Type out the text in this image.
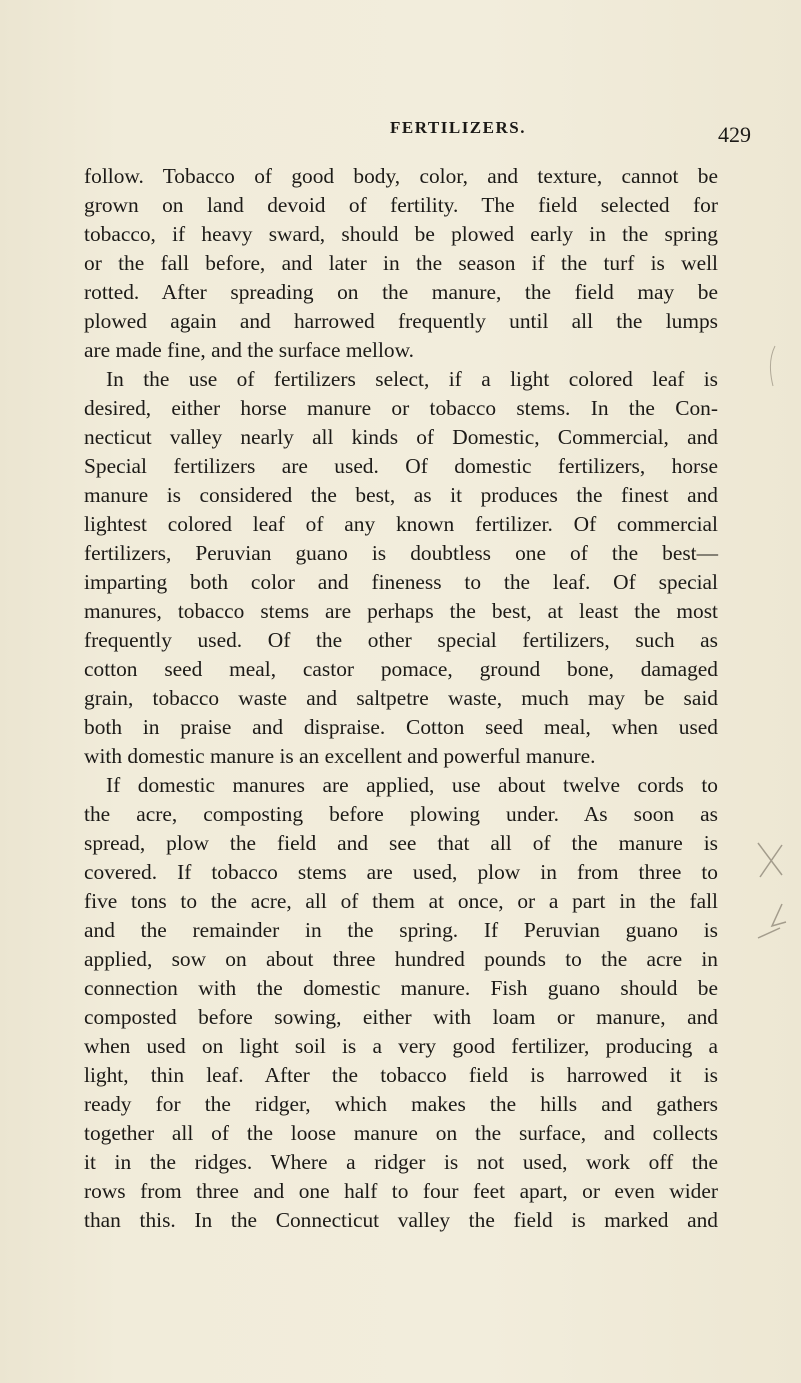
FERTILIZERS.	429
follow. Tobacco of good body, color, and texture, cannot be
grown on land devoid of fertility. The field selected for
tobacco, if heavy sward, should be plowed early in the spring
or the fall before, and later in the season if the turf is well
rotted. After spreading on the manure, the field may be
plowed again and harrowed frequently until all the lumps
are made fine, and the surface mellow.
In the use of fertilizers select, if a light colored leaf is
desired, either horse manure or tobacco stems. In the Con-
necticut valley nearly all kinds of Domestic, Commercial, and
Special fertilizers are used. Of domestic fertilizers, horse
manure is considered the best, as it produces the finest and
lightest colored leaf of any known fertilizer. Of commercial
fertilizers, Peruvian guano is doubtless one of the best—
imparting both color and fineness to the leaf. Of special
manures, tobacco stems are perhaps the best, at least the most
frequently used. Of the other special fertilizers, such as
cotton seed meal, castor pomace, ground bone, damaged
grain, tobacco waste and saltpetre waste, much may be said
both in praise and dispraise. Cotton seed meal, when used
with domestic manure is an excellent and powerful manure.
If domestic manures are applied, use about twelve cords to
the acre, composting before plowing under. As soon as
spread, plow the field and see that all of the manure is
covered. If tobacco stems are used, plow in from three to
five tons to the acre, all of them at once, or a part in the fall
and the remainder in the spring. If Peruvian guano is
applied, sow on about three hundred pounds to the acre in
connection with the domestic manure. Fish guano should be
composted before sowing, either with loam or manure, and
when used on light soil is a very good fertilizer, producing a
light, thin leaf. After the tobacco field is harrowed it is
ready for the ridger, which makes the hills and gathers
together all of the loose manure on the surface, and collects
it in the ridges. Where a ridger is not used, work off the
rows from three and one half to four feet apart, or even wider
than this. In the Connecticut valley the field is marked and
